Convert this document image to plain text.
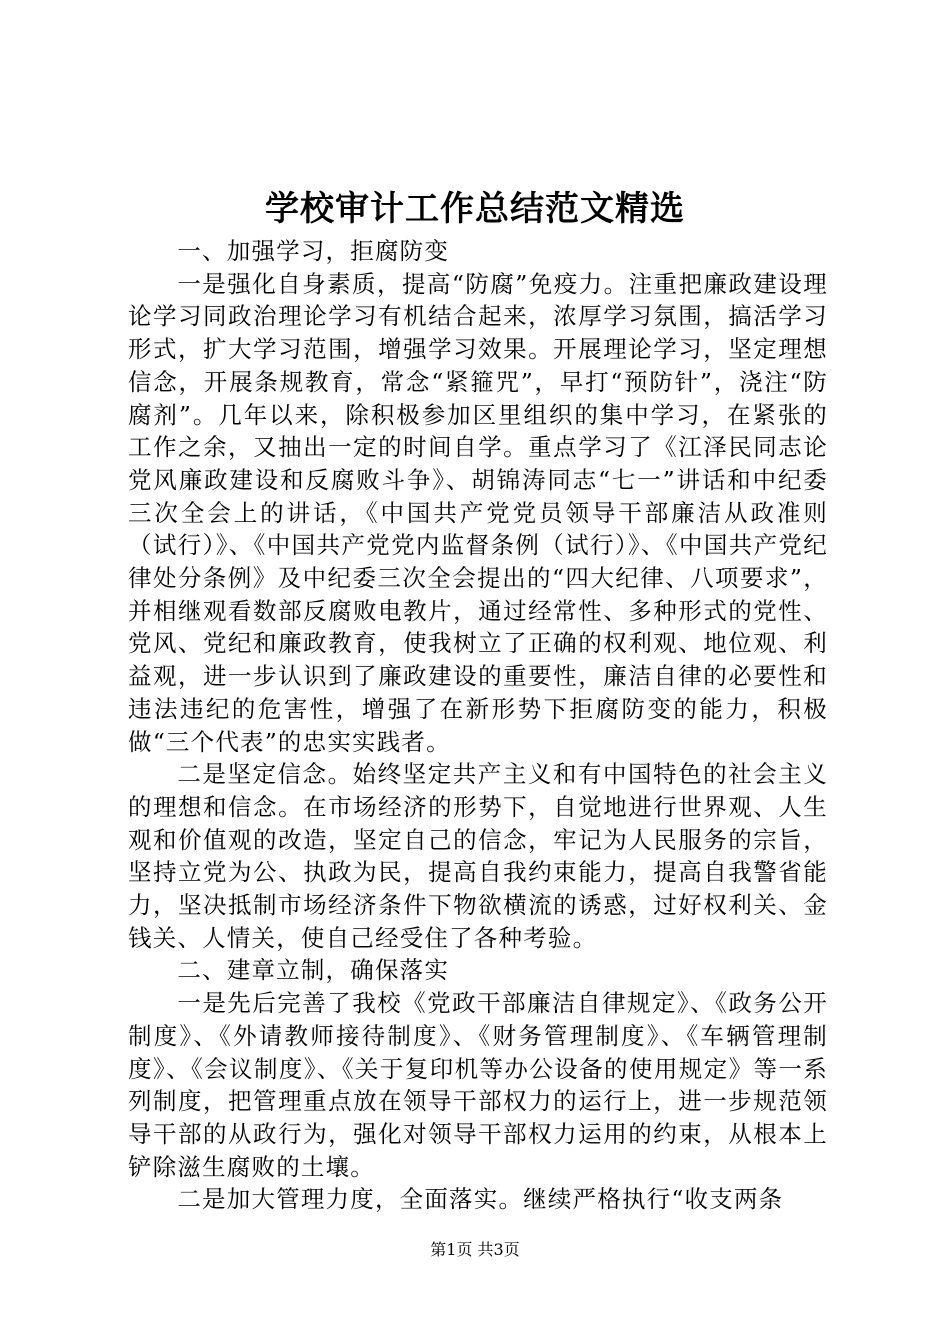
学校审计工作总结范文精选

一、加强学习，拒腐防变

一是强化自身素质，提高“防腐”免疫力。注重把廉政建设理论学习同政治理论学习有机结合起来，浓厚学习氛围，搞活学习形式，扩大学习范围，增强学习效果。开展理论学习，坚定理想信念，开展条规教育，常念“紧箍咒”，早打“预防针”，浇注“防腐剂”。几年以来，除积极参加区里组织的集中学习，在紧张的工作之余，又抽出一定的时间自学。重点学习了《江泽民同志论党风廉政建设和反腐败斗争》、胡锦涛同志“七一”讲话和中纪委三次全会上的讲话，《中国共产党党员领导干部廉洁从政准则（试行）》、《中国共产党党内监督条例（试行）》、《中国共产党纪律处分条例》及中纪委三次全会提出的“四大纪律、八项要求”，并相继观看数部反腐败电教片，通过经常性、多种形式的党性、党风、党纪和廉政教育，使我树立了正确的权利观、地位观、利益观，进一步认识到了廉政建设的重要性，廉洁自律的必要性和违法违纪的危害性，增强了在新形势下拒腐防变的能力，积极做“三个代表”的忠实实践者。

二是坚定信念。始终坚定共产主义和有中国特色的社会主义的理想和信念。在市场经济的形势下，自觉地进行世界观、人生观和价值观的改造，坚定自己的信念，牢记为人民服务的宗旨，坚持立党为公、执政为民，提高自我约束能力，提高自我警省能力，坚决抵制市场经济条件下物欲横流的诱惑，过好权利关、金钱关、人情关，使自己经受住了各种考验。

二、建章立制，确保落实

一是先后完善了我校《党政干部廉洁自律规定》、《政务公开制度》、《外请教师接待制度》、《财务管理制度》、《车辆管理制度》、《会议制度》、《关于复印机等办公设备的使用规定》等一系列制度，把管理重点放在领导干部权力的运行上，进一步规范领导干部的从政行为，强化对领导干部权力运用的约束，从根本上铲除滋生腐败的土壤。

二是加大管理力度，全面落实。继续严格执行“收支两条

第1页 共3页
